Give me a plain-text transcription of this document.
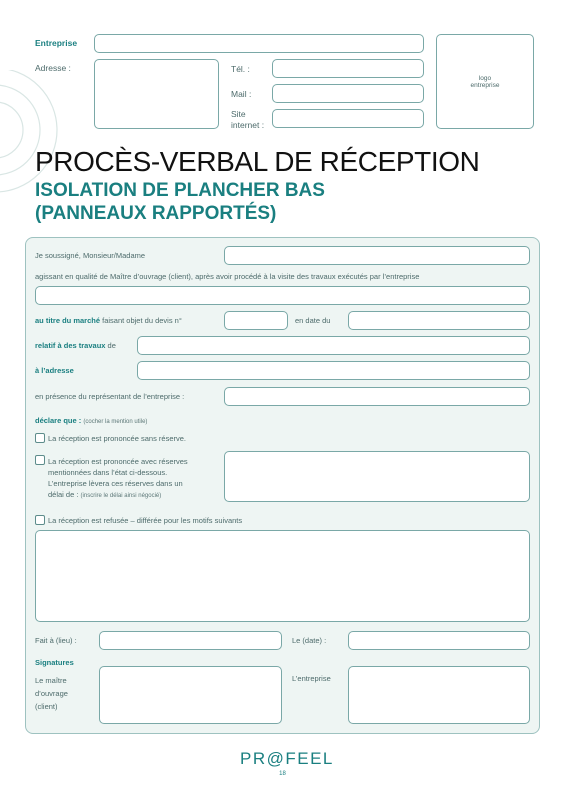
Entreprise
Adresse :	Tél. :
Mail :
Site
internet :
logo
entreprise
PROCÈS-VERBAL DE RÉCEPTION
ISOLATION DE PLANCHER BAS
(PANNEAUX RAPPORTÉS)
Je soussigné, Monsieur/Madame
agissant en qualité de Maître d’ouvrage (client), après avoir procédé à la visite des travaux exécutés par l’entreprise
au titre du marché faisant objet du devis n°	en date du
relatif à des travaux de
à l’adresse
en présence du représentant de l’entreprise :
déclare que : (cocher la mention utile)
La réception est prononcée sans réserve.
La réception est prononcée avec réserves
mentionnées dans l’état ci-dessous.
L’entreprise lèvera ces réserves dans un
délai de : (inscrire le délai ainsi négocié)
La réception est refusée – différée pour les motifs suivants
Fait à (lieu) :	Le (date) :
Signatures
Le maître
d’ouvrage
(client)
L’entreprise
PR@FEEL
18
